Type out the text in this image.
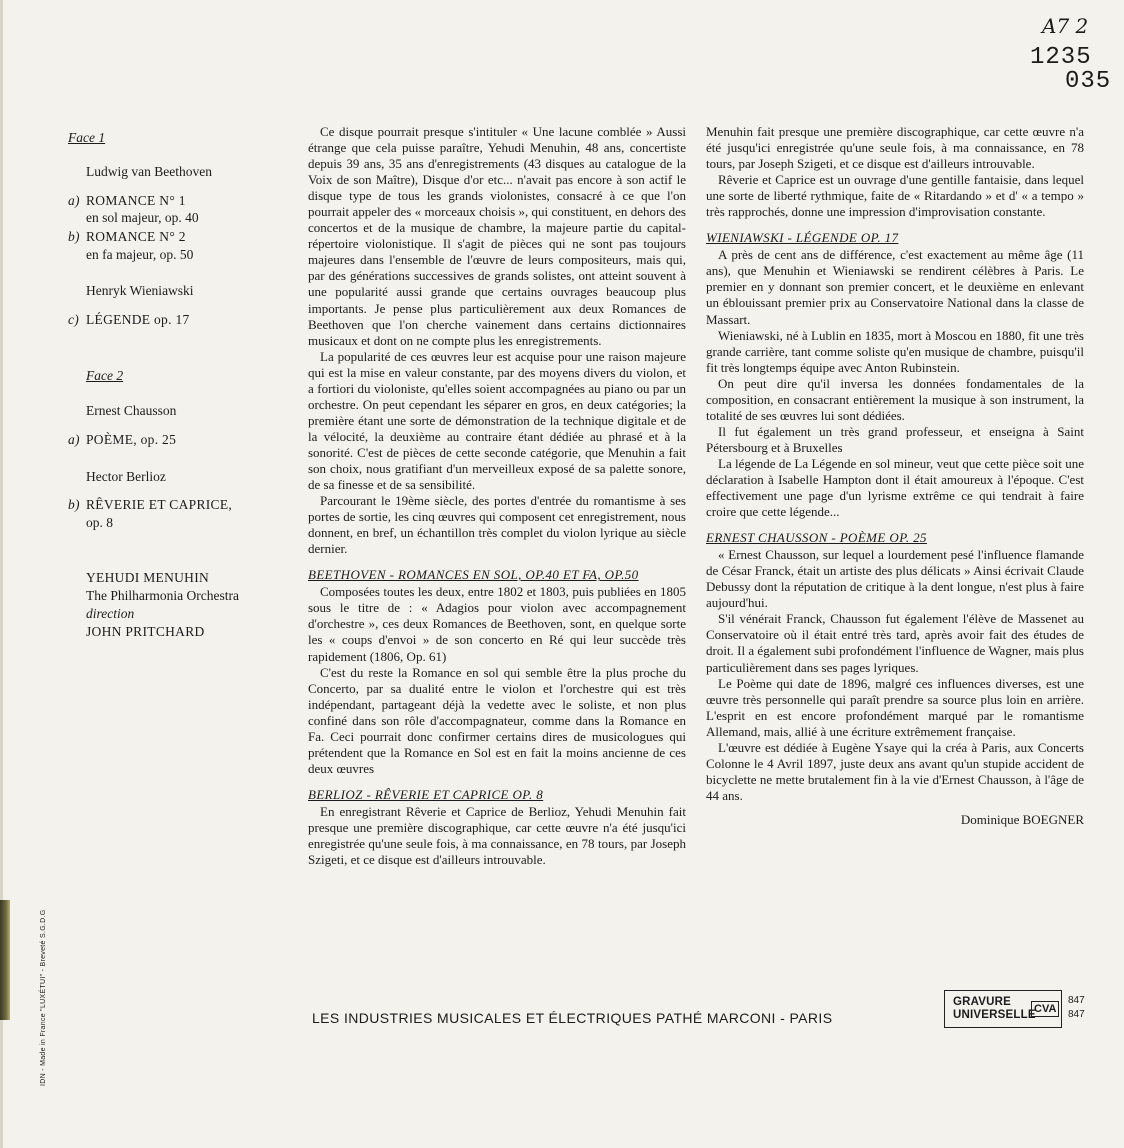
A7 2
1235
035
Face 1
Ludwig van Beethoven
a) ROMANCE N° 1
en sol majeur, op. 40
b) ROMANCE N° 2
en fa majeur, op. 50
Henryk Wieniawski
c) LÉGENDE op. 17
Face 2
Ernest Chausson
a) POÈME, op. 25
Hector Berlioz
b) RÊVERIE ET CAPRICE,
op. 8
YEHUDI MENUHIN
The Philharmonia Orchestra
direction
JOHN PRITCHARD

Ce disque pourrait presque s'intituler « Une lacune comblée » Aussi étrange que cela puisse paraître, Yehudi Menuhin, 48 ans, concertiste depuis 39 ans, 35 ans d'enregistrements (43 disques au catalogue de la Voix de son Maître), Disque d'or etc... n'avait pas encore à son actif le disque type de tous les grands violonistes, consacré à ce que l'on pourrait appeler des « morceaux choisis », qui constituent, en dehors des concertos et de la musique de chambre, la majeure partie du capital-répertoire violonistique. Il s'agit de pièces qui ne sont pas toujours majeures dans l'ensemble de l'œuvre de leurs compositeurs, mais qui, par des générations successives de grands solistes, ont atteint souvent à une popularité aussi grande que certains ouvrages beaucoup plus importants. Je pense plus particulièrement aux deux Romances de Beethoven que l'on cherche vainement dans certains dictionnaires musicaux et dont on ne compte plus les enregistrements.

La popularité de ces œuvres leur est acquise pour une raison majeure qui est la mise en valeur constante, par des moyens divers du violon, et a fortiori du violoniste, qu'elles soient accompagnées au piano ou par un orchestre. On peut cependant les séparer en gros, en deux catégories; la première étant une sorte de démonstration de la technique digitale et de la vélocité, la deuxième au contraire étant dédiée au phrasé et à la sonorité. C'est de pièces de cette seconde catégorie, que Menuhin a fait son choix, nous gratifiant d'un merveilleux exposé de sa palette sonore, de sa finesse et de sa sensibilité.

Parcourant le 19ème siècle, des portes d'entrée du romantisme à ses portes de sortie, les cinq œuvres qui composent cet enregistrement, nous donnent, en bref, un échantillon très complet du violon lyrique au siècle dernier.

BEETHOVEN - ROMANCES EN SOL, OP.40 ET FA, OP.50

Composées toutes les deux, entre 1802 et 1803, puis publiées en 1805 sous le titre de : « Adagios pour violon avec accompagnement d'orchestre », ces deux Romances de Beethoven, sont, en quelque sorte les « coups d'envoi » de son concerto en Ré qui leur succède très rapidement (1806, Op. 61)

C'est du reste la Romance en sol qui semble être la plus proche du Concerto, par sa dualité entre le violon et l'orchestre qui est très indépendant, partageant déjà la vedette avec le soliste, et non plus confiné dans son rôle d'accompagnateur, comme dans la Romance en Fa. Ceci pourrait donc confirmer certains dires de musicologues qui prétendent que la Romance en Sol est en fait la moins ancienne de ces deux œuvres

BERLIOZ - RÊVERIE ET CAPRICE OP. 8

En enregistrant Rêverie et Caprice de Berlioz, Yehudi Menuhin fait presque une première discographique, car cette œuvre n'a été jusqu'ici enregistrée qu'une seule fois, à ma connaissance, en 78 tours, par Joseph Szigeti, et ce disque est d'ailleurs introuvable.

Menuhin fait presque une première discographique, car cette œuvre n'a été jusqu'ici enregistrée qu'une seule fois, à ma connaissance, en 78 tours, par Joseph Szigeti, et ce disque est d'ailleurs introuvable.

Rêverie et Caprice est un ouvrage d'une gentille fantaisie, dans lequel une sorte de liberté rythmique, faite de « Ritardando » et d' « a tempo » très rapprochés, donne une impression d'improvisation constante.

WIENIAWSKI - LÉGENDE OP. 17

A près de cent ans de différence, c'est exactement au même âge (11 ans), que Menuhin et Wieniawski se rendirent célèbres à Paris. Le premier en y donnant son premier concert, et le deuxième en enlevant un éblouissant premier prix au Conservatoire National dans la classe de Massart.

Wieniawski, né à Lublin en 1835, mort à Moscou en 1880, fit une très grande carrière, tant comme soliste qu'en musique de chambre, puisqu'il fit très longtemps équipe avec Anton Rubinstein.

On peut dire qu'il inversa les données fondamentales de la composition, en consacrant entièrement la musique à son instrument, la totalité de ses œuvres lui sont dédiées.

Il fut également un très grand professeur, et enseigna à Saint Pétersbourg et à Bruxelles

La légende de La Légende en sol mineur, veut que cette pièce soit une déclaration à Isabelle Hampton dont il était amoureux à l'époque. C'est effectivement une page d'un lyrisme extrême ce qui tendrait à faire croire que cette légende...

ERNEST CHAUSSON - POÈME OP. 25

« Ernest Chausson, sur lequel a lourdement pesé l'influence flamande de César Franck, était un artiste des plus délicats » Ainsi écrivait Claude Debussy dont la réputation de critique à la dent longue, n'est plus à faire aujourd'hui.

S'il vénérait Franck, Chausson fut également l'élève de Massenet au Conservatoire où il était entré très tard, après avoir fait des études de droit. Il a également subi profondément l'influence de Wagner, mais plus particulièrement dans ses pages lyriques.

Le Poème qui date de 1896, malgré ces influences diverses, est une œuvre très personnelle qui paraît prendre sa source plus loin en arrière. L'esprit en est encore profondément marqué par le romantisme Allemand, mais, allié à une écriture extrêmement française.

L'œuvre est dédiée à Eugène Ysaye qui la créa à Paris, aux Concerts Colonne le 4 Avril 1897, juste deux ans avant qu'un stupide accident de bicyclette ne mette brutalement fin à la vie d'Ernest Chausson, à l'âge de 44 ans.

Dominique BOEGNER

LES INDUSTRIES MUSICALES ET ÉLECTRIQUES PATHÉ MARCONI - PARIS
GRAVURE
UNIVERSELLE
CVA
847
847
IDN - Made in France "LUXÉTUI" - Breveté S.G.D.G
